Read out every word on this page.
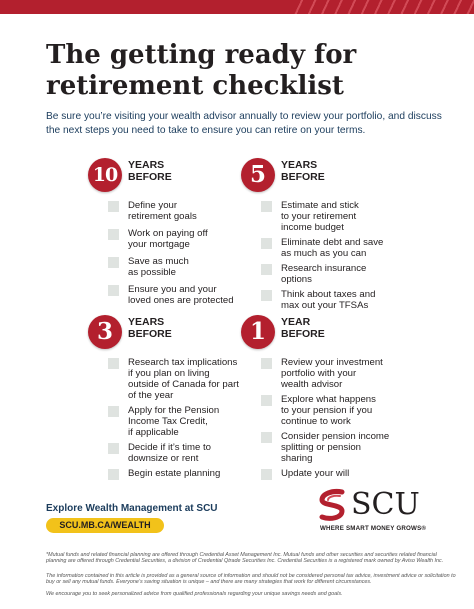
The getting ready for
retirement checklist

Be sure you’re visiting your wealth advisor annually to review your portfolio, and discuss the next steps you need to take to ensure you can retire on your terms.

10	YEARS
BEFORE
Define your
retirement goals
Work on paying off
your mortgage
Save as much
as possible
Ensure you and your
loved ones are protected
5	YEARS
BEFORE
Estimate and stick
to your retirement
income budget
Eliminate debt and save
as much as you can
Research insurance
options
Think about taxes and
max out your TFSAs
3	YEARS
BEFORE
Research tax implications
if you plan on living
outside of Canada for part
of the year
Apply for the Pension
Income Tax Credit,
if applicable
Decide if it’s time to
downsize or rent
Begin estate planning
1	YEAR
BEFORE
Review your investment
portfolio with your
wealth advisor
Explore what happens
to your pension if you
continue to work
Consider pension income
splitting or pension
sharing
Update your will
Explore Wealth Management at SCU
SCU.MB.CA/WEALTH
SCU
WHERE SMART MONEY GROWS®

*Mutual funds and related financial planning are offered through Credential Asset Management Inc. Mutual funds and other securities and securities related financial planning are offered through Credential Securities, a division of Credential Qtrade Securities Inc. Credential Securities is a registered mark owned by Aviso Wealth Inc.

The information contained in this article is provided as a general source of information and should not be considered personal tax advice, investment advice or solicitation to buy or sell any mutual funds. Everyone’s saving situation is unique – and there are many strategies that work for different circumstances.

We encourage you to seek personalized advice from qualified professionals regarding your unique savings needs and goals.
